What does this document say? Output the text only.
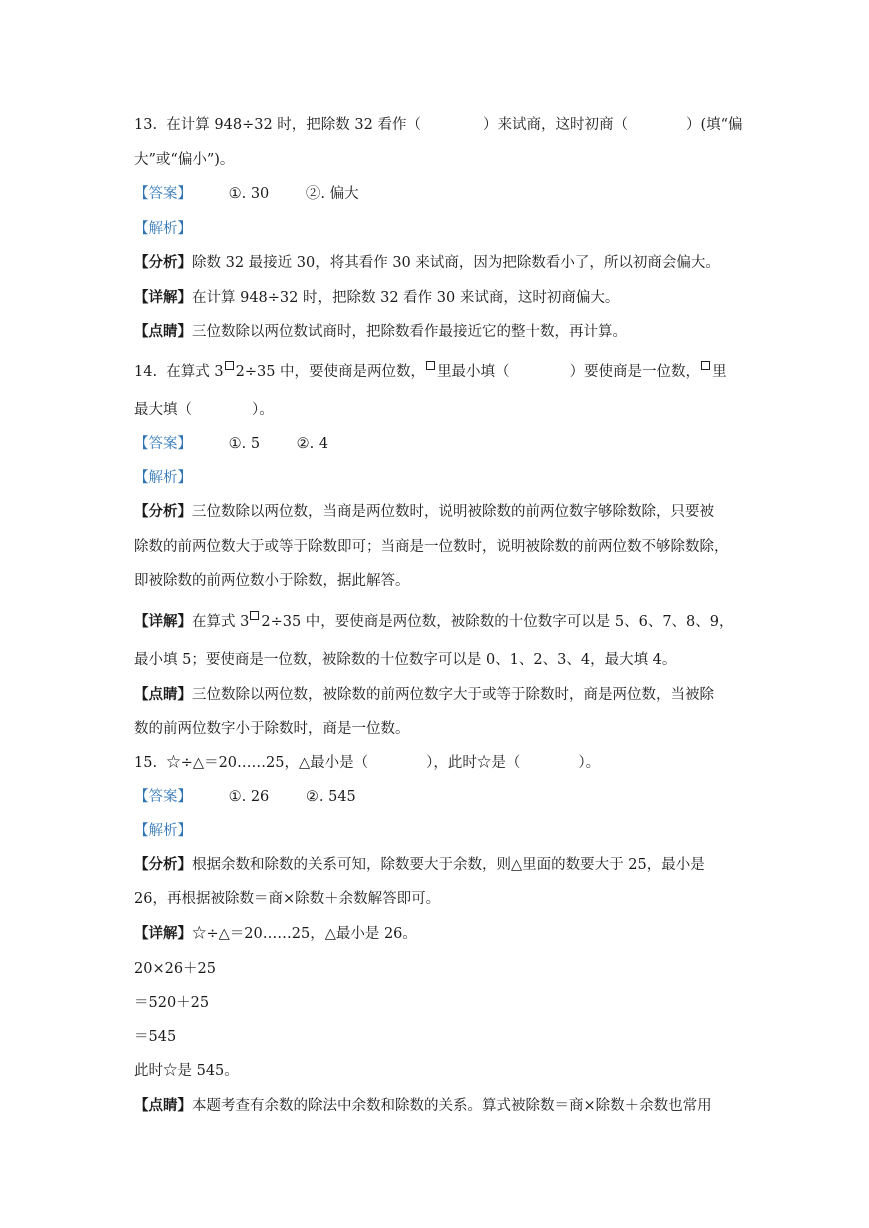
13. 在计算 948÷32 时，把除数 32 看作（	）来试商，这时初商（	）(填“偏
大”或“偏小”)。
【答案】	①. 30	②. 偏大
【解析】
【分析】除数 32 最接近 30，将其看作 30 来试商，因为把除数看小了，所以初商会偏大。
【详解】在计算 948÷32 时，把除数 32 看作 30 来试商，这时初商偏大。
【点睛】三位数除以两位数试商时，把除数看作最接近它的整十数，再计算。
14. 在算式 3 2÷35 中，要使商是两位数， 里最小填（	）要使商是一位数， 里
最大填（	）。
【答案】	①. 5	②. 4
【解析】
【分析】三位数除以两位数，当商是两位数时，说明被除数的前两位数字够除数除，只要被
除数的前两位数大于或等于除数即可；当商是一位数时，说明被除数的前两位数不够除数除，
即被除数的前两位数小于除数，据此解答。
【详解】在算式 3 2÷35 中，要使商是两位数，被除数的十位数字可以是 5、6、7、8、9，
最小填 5；要使商是一位数，被除数的十位数字可以是 0、1、2、3、4，最大填 4。
【点睛】三位数除以两位数，被除数的前两位数字大于或等于除数时，商是两位数，当被除
数的前两位数字小于除数时，商是一位数。
15. ☆÷△＝20……25，△最小是（	），此时☆是（	）。
【答案】	①. 26	②. 545
【解析】
【分析】根据余数和除数的关系可知，除数要大于余数，则△里面的数要大于 25，最小是
26，再根据被除数＝商×除数＋余数解答即可。
【详解】☆÷△＝20……25，△最小是 26。
20×26＋25
＝520＋25
＝545
此时☆是 545。
【点睛】本题考查有余数的除法中余数和除数的关系。算式被除数＝商×除数＋余数也常用
